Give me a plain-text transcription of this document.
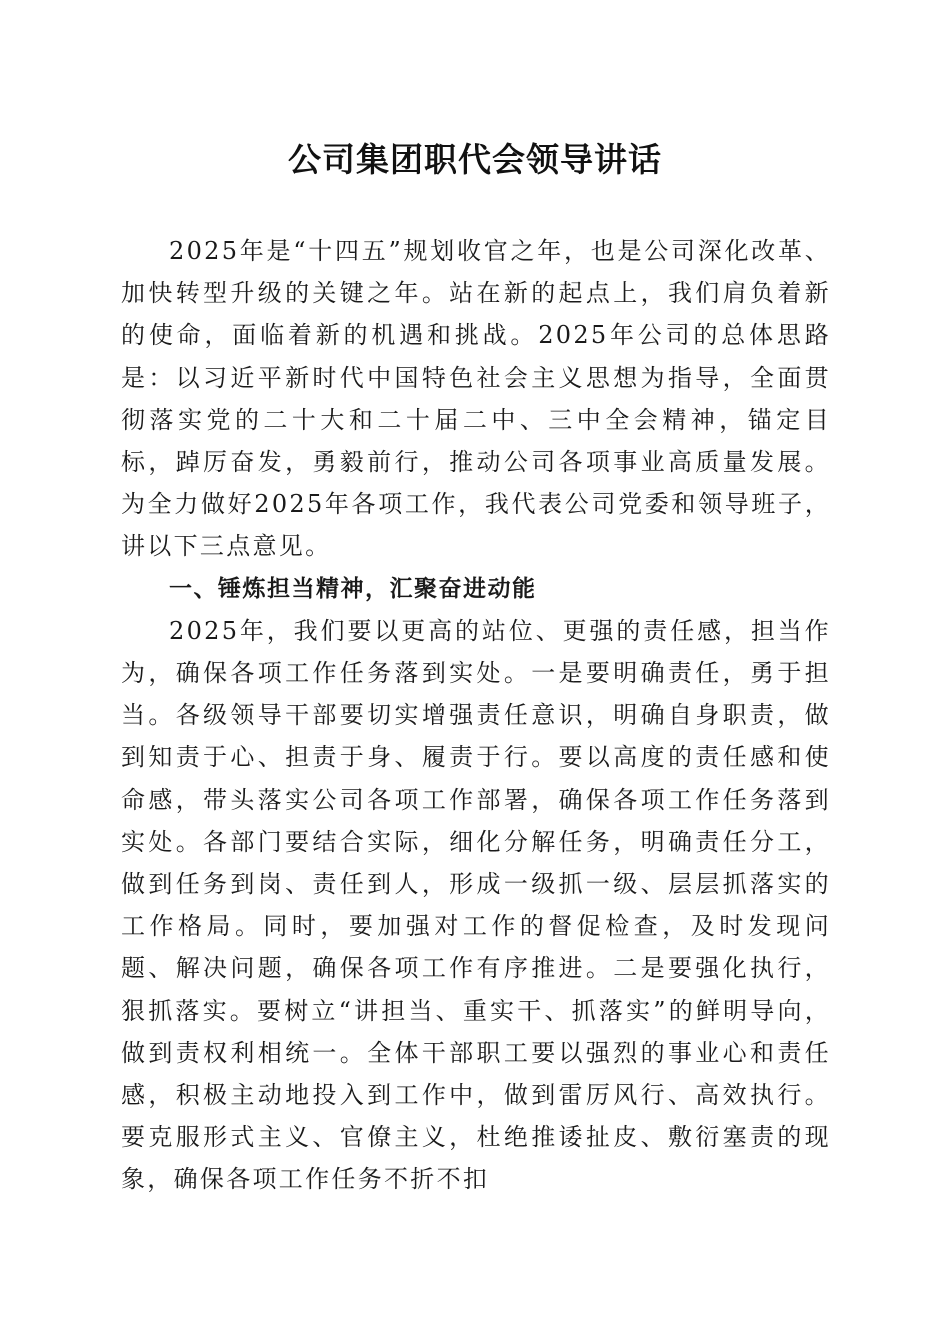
公司集团职代会领导讲话

2025年是“十四五”规划收官之年，也是公司深化改革、加快转型升级的关键之年。站在新的起点上，我们肩负着新的使命，面临着新的机遇和挑战。2025年公司的总体思路是：以习近平新时代中国特色社会主义思想为指导，全面贯彻落实党的二十大和二十届二中、三中全会精神，锚定目标，踔厉奋发，勇毅前行，推动公司各项事业高质量发展。为全力做好2025年各项工作，我代表公司党委和领导班子，讲以下三点意见。

一、锤炼担当精神，汇聚奋进动能

2025年，我们要以更高的站位、更强的责任感，担当作为，确保各项工作任务落到实处。一是要明确责任，勇于担当。各级领导干部要切实增强责任意识，明确自身职责，做到知责于心、担责于身、履责于行。要以高度的责任感和使命感，带头落实公司各项工作部署，确保各项工作任务落到实处。各部门要结合实际，细化分解任务，明确责任分工，做到任务到岗、责任到人，形成一级抓一级、层层抓落实的工作格局。同时，要加强对工作的督促检查，及时发现问题、解决问题，确保各项工作有序推进。二是要强化执行，狠抓落实。要树立“讲担当、重实干、抓落实”的鲜明导向，做到责权利相统一。全体干部职工要以强烈的事业心和责任感，积极主动地投入到工作中，做到雷厉风行、高效执行。要克服形式主义、官僚主义，杜绝推诿扯皮、敷衍塞责的现象，确保各项工作任务不折不扣
